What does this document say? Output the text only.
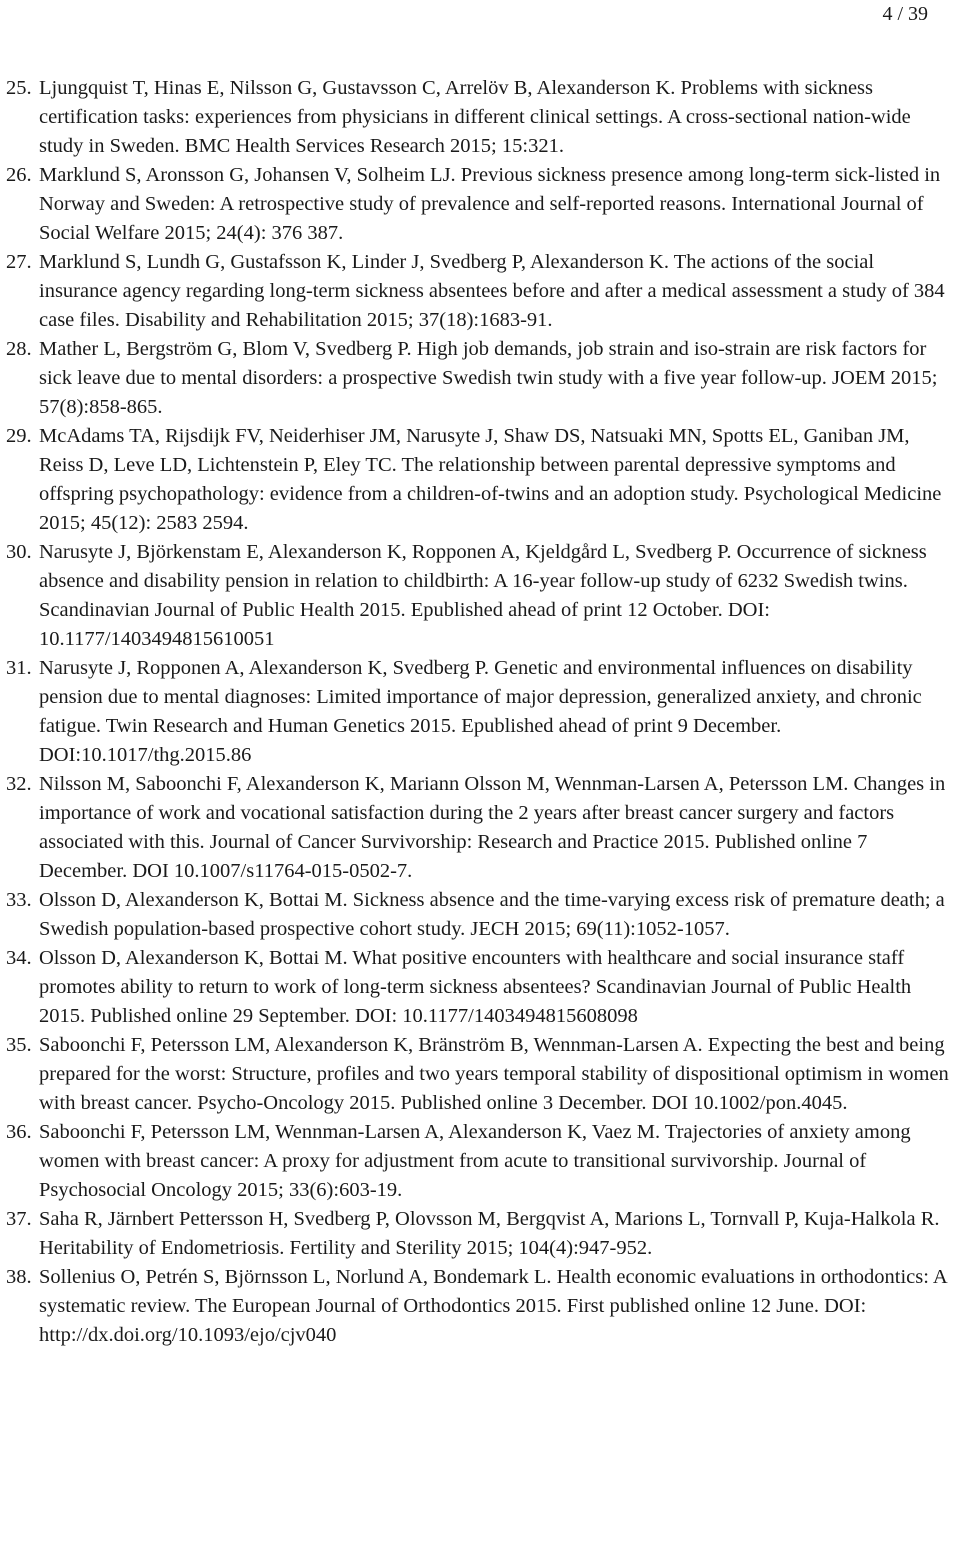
4 / 39
25. Ljungquist T, Hinas E, Nilsson G, Gustavsson C, Arrelöv B, Alexanderson K. Problems with sickness certification tasks: experiences from physicians in different clinical settings. A cross-sectional nation-wide study in Sweden. BMC Health Services Research 2015; 15:321.

26. Marklund S, Aronsson G, Johansen V, Solheim LJ. Previous sickness presence among long-term sick-listed in Norway and Sweden: A retrospective study of prevalence and self-reported reasons. International Journal of Social Welfare 2015; 24(4): 376 387.

27. Marklund S, Lundh G, Gustafsson K, Linder J, Svedberg P, Alexanderson K. The actions of the social insurance agency regarding long-term sickness absentees before and after a medical assessment a study of 384 case files. Disability and Rehabilitation 2015; 37(18):1683-91.

28. Mather L, Bergström G, Blom V, Svedberg P. High job demands, job strain and iso-strain are risk factors for sick leave due to mental disorders: a prospective Swedish twin study with a five year follow-up. JOEM 2015; 57(8):858-865.

29. McAdams TA, Rijsdijk FV, Neiderhiser JM, Narusyte J, Shaw DS, Natsuaki MN, Spotts EL, Ganiban JM, Reiss D, Leve LD, Lichtenstein P, Eley TC. The relationship between parental depressive symptoms and offspring psychopathology: evidence from a children-of-twins and an adoption study. Psychological Medicine 2015; 45(12): 2583 2594.

30. Narusyte J, Björkenstam E, Alexanderson K, Ropponen A, Kjeldgård L, Svedberg P. Occurrence of sickness absence and disability pension in relation to childbirth: A 16-year follow-up study of 6232 Swedish twins. Scandinavian Journal of Public Health 2015. Epublished ahead of print 12 October. DOI: 10.1177/1403494815610051

31. Narusyte J, Ropponen A, Alexanderson K, Svedberg P. Genetic and environmental influences on disability pension due to mental diagnoses: Limited importance of major depression, generalized anxiety, and chronic fatigue. Twin Research and Human Genetics 2015. Epublished ahead of print 9 December. DOI:10.1017/thg.2015.86

32. Nilsson M, Saboonchi F, Alexanderson K, Mariann Olsson M, Wennman-Larsen A, Petersson LM. Changes in importance of work and vocational satisfaction during the 2 years after breast cancer surgery and factors associated with this. Journal of Cancer Survivorship: Research and Practice 2015. Published online 7 December. DOI 10.1007/s11764-015-0502-7.

33. Olsson D, Alexanderson K, Bottai M. Sickness absence and the time-varying excess risk of premature death; a Swedish population-based prospective cohort study. JECH 2015; 69(11):1052-1057.

34. Olsson D, Alexanderson K, Bottai M. What positive encounters with healthcare and social insurance staff promotes ability to return to work of long-term sickness absentees? Scandinavian Journal of Public Health 2015. Published online 29 September. DOI: 10.1177/1403494815608098

35. Saboonchi F, Petersson LM, Alexanderson K, Bränström B, Wennman-Larsen A. Expecting the best and being prepared for the worst: Structure, profiles and two years temporal stability of dispositional optimism in women with breast cancer. Psycho-Oncology 2015. Published online 3 December. DOI 10.1002/pon.4045.

36. Saboonchi F, Petersson LM, Wennman-Larsen A, Alexanderson K, Vaez M. Trajectories of anxiety among women with breast cancer: A proxy for adjustment from acute to transitional survivorship. Journal of Psychosocial Oncology 2015; 33(6):603-19.

37. Saha R, Järnbert Pettersson H, Svedberg P, Olovsson M, Bergqvist A, Marions L, Tornvall P, Kuja-Halkola R. Heritability of Endometriosis. Fertility and Sterility 2015; 104(4):947-952.

38. Sollenius O, Petrén S, Björnsson L, Norlund A, Bondemark L. Health economic evaluations in orthodontics: A systematic review. The European Journal of Orthodontics 2015. First published online 12 June. DOI: http://dx.doi.org/10.1093/ejo/cjv040
